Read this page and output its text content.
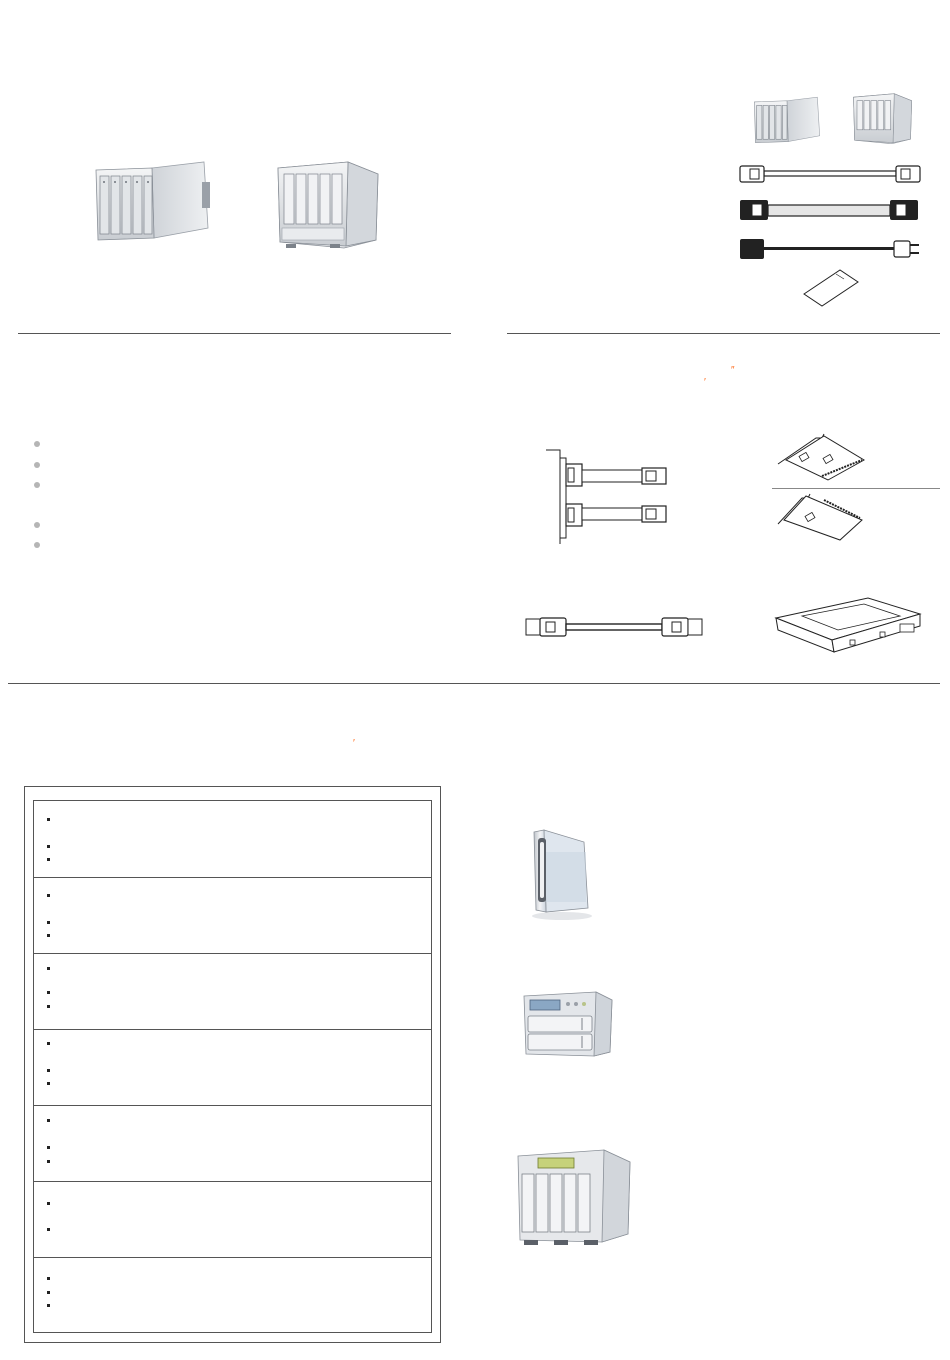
′
″
′
